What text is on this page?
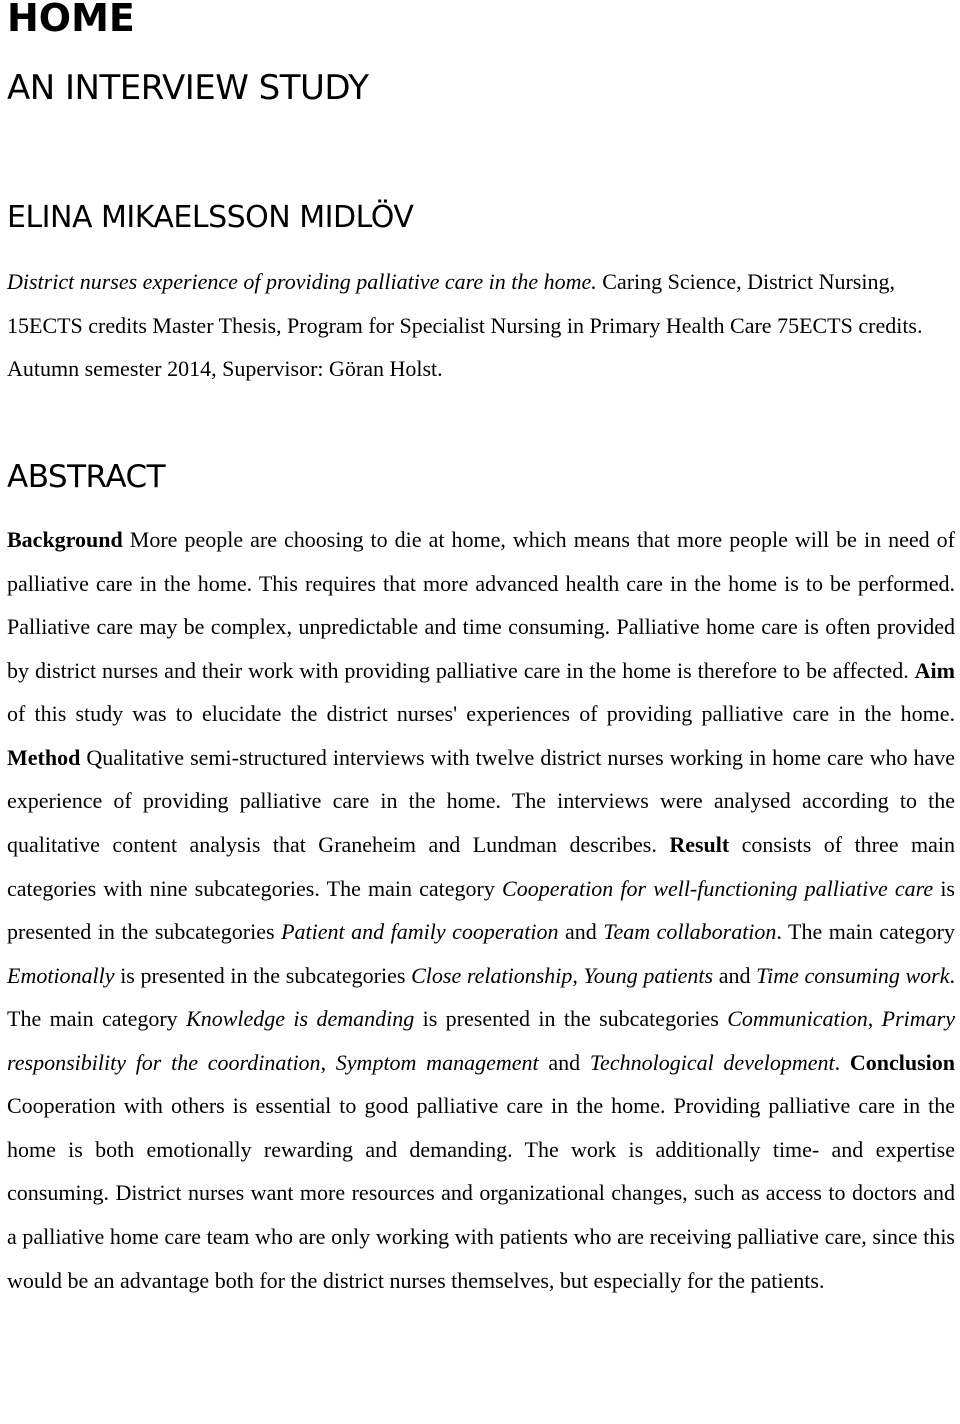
HOME
AN INTERVIEW STUDY
ELINA MIKAELSSON MIDLÖV

District nurses experience of providing palliative care in the home. Caring Science, District Nursing, 15ECTS credits Master Thesis, Program for Specialist Nursing in Primary Health Care 75ECTS credits. Autumn semester 2014, Supervisor: Göran Holst.

ABSTRACT

Background More people are choosing to die at home, which means that more people will be in need of palliative care in the home. This requires that more advanced health care in the home is to be performed. Palliative care may be complex, unpredictable and time consuming. Palliative home care is often provided by district nurses and their work with providing palliative care in the home is therefore to be affected. Aim of this study was to elucidate the district nurses' experiences of providing palliative care in the home. Method Qualitative semi-structured interviews with twelve district nurses working in home care who have experience of providing palliative care in the home. The interviews were analysed according to the qualitative content analysis that Graneheim and Lundman describes. Result consists of three main categories with nine subcategories. The main category Cooperation for well-functioning palliative care is presented in the subcategories Patient and family cooperation and Team collaboration. The main category Emotionally is presented in the subcategories Close relationship, Young patients and Time consuming work. The main category Knowledge is demanding is presented in the subcategories Communication, Primary responsibility for the coordination, Symptom management and Technological development. Conclusion Cooperation with others is essential to good palliative care in the home. Providing palliative care in the home is both emotionally rewarding and demanding. The work is additionally time- and expertise consuming. District nurses want more resources and organizational changes, such as access to doctors and a palliative home care team who are only working with patients who are receiving palliative care, since this would be an advantage both for the district nurses themselves, but especially for the patients.
